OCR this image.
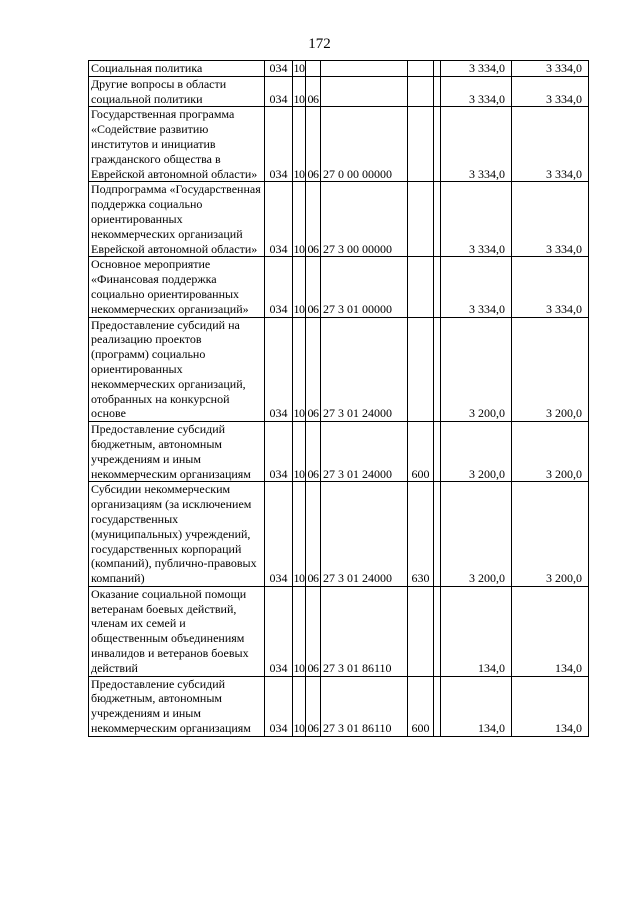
172
Социальная политика	034	10					3 334,0	3 334,0
Другие вопросы в области социальной политики	034	10	06				3 334,0	3 334,0
Государственная программа «Содействие развитию институтов и инициатив гражданского общества в Еврейской автономной области»	034	10	06	27 0 00 00000			3 334,0	3 334,0
Подпрограмма «Государственная поддержка социально ориентированных некоммерческих организаций Еврейской автономной области»	034	10	06	27 3 00 00000			3 334,0	3 334,0
Основное мероприятие «Финансовая поддержка социально ориентированных некоммерческих организаций»	034	10	06	27 3 01 00000			3 334,0	3 334,0
Предоставление субсидий на реализацию проектов (программ) социально ориентированных некоммерческих организаций, отобранных на конкурсной основе	034	10	06	27 3 01 24000			3 200,0	3 200,0
Предоставление субсидий бюджетным, автономным учреждениям и иным некоммерческим организациям	034	10	06	27 3 01 24000	600		3 200,0	3 200,0
Субсидии некоммерческим организациям (за исключением государственных (муниципальных) учреждений, государственных корпораций (компаний), публично-правовых компаний)	034	10	06	27 3 01 24000	630		3 200,0	3 200,0
Оказание социальной помощи ветеранам боевых действий, членам их семей и общественным объединениям инвалидов и ветеранов боевых действий	034	10	06	27 3 01 86110			134,0	134,0
Предоставление субсидий бюджетным, автономным учреждениям и иным некоммерческим организациям	034	10	06	27 3 01 86110	600		134,0	134,0
